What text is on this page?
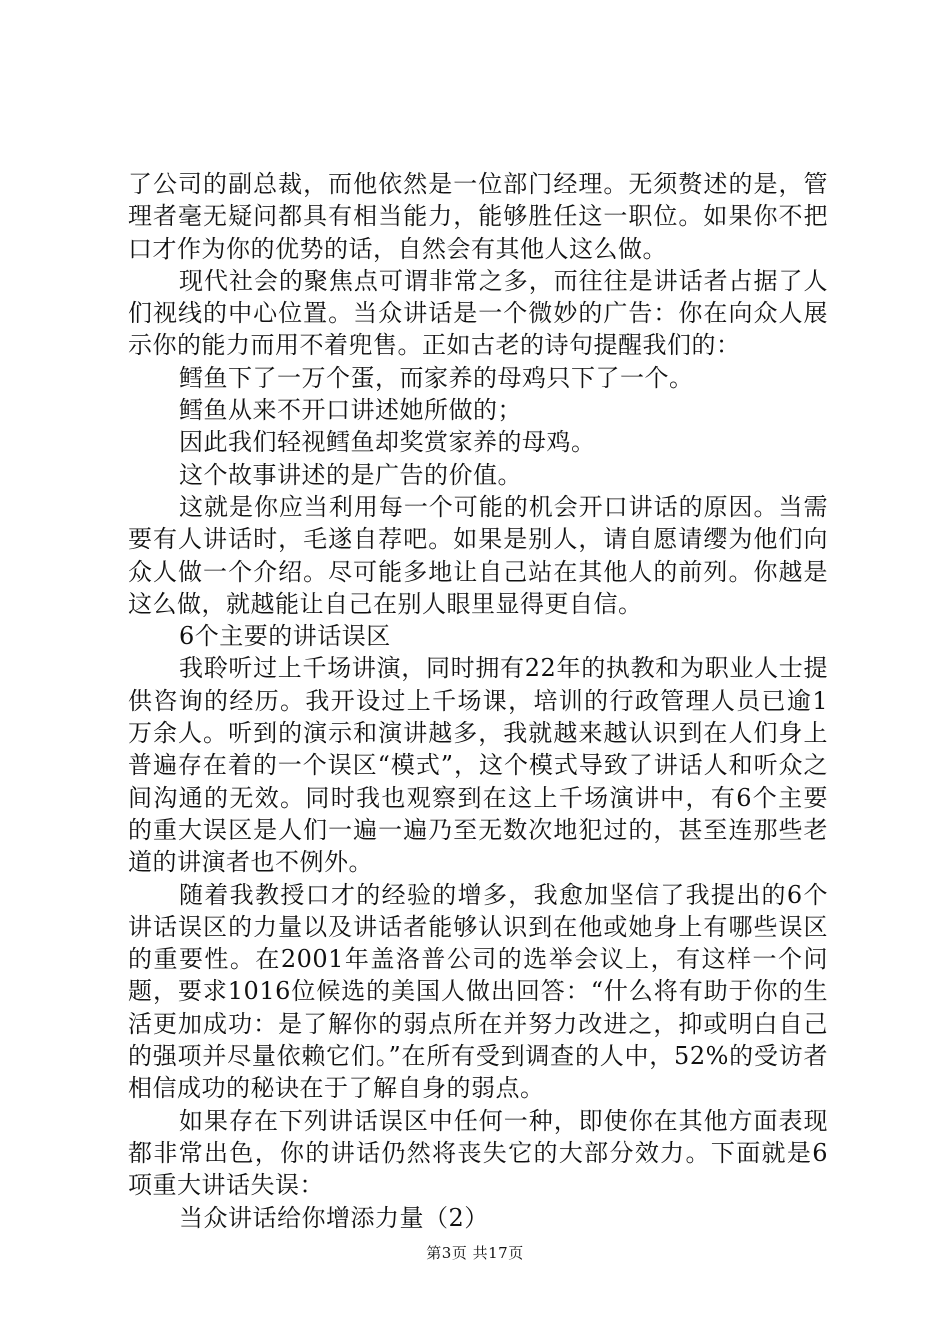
了公司的副总裁，而他依然是一位部门经理。无须赘述的是，管理者毫无疑问都具有相当能力，能够胜任这一职位。如果你不把口才作为你的优势的话，自然会有其他人这么做。

现代社会的聚焦点可谓非常之多，而往往是讲话者占据了人们视线的中心位置。当众讲话是一个微妙的广告：你在向众人展示你的能力而用不着兜售。正如古老的诗句提醒我们的：

鳕鱼下了一万个蛋，而家养的母鸡只下了一个。

鳕鱼从来不开口讲述她所做的；

因此我们轻视鳕鱼却奖赏家养的母鸡。

这个故事讲述的是广告的价值。

这就是你应当利用每一个可能的机会开口讲话的原因。当需要有人讲话时，毛遂自荐吧。如果是别人，请自愿请缨为他们向众人做一个介绍。尽可能多地让自己站在其他人的前列。你越是这么做，就越能让自己在别人眼里显得更自信。

6个主要的讲话误区

我聆听过上千场讲演，同时拥有22年的执教和为职业人士提供咨询的经历。我开设过上千场课，培训的行政管理人员已逾1万余人。听到的演示和演讲越多，我就越来越认识到在人们身上普遍存在着的一个误区“模式”，这个模式导致了讲话人和听众之间沟通的无效。同时我也观察到在这上千场演讲中，有6个主要的重大误区是人们一遍一遍乃至无数次地犯过的，甚至连那些老道的讲演者也不例外。

随着我教授口才的经验的增多，我愈加坚信了我提出的6个讲话误区的力量以及讲话者能够认识到在他或她身上有哪些误区的重要性。在2001年盖洛普公司的选举会议上，有这样一个问题，要求1016位候选的美国人做出回答：“什么将有助于你的生活更加成功：是了解你的弱点所在并努力改进之，抑或明白自己的强项并尽量依赖它们。”在所有受到调查的人中，52%的受访者相信成功的秘诀在于了解自身的弱点。

如果存在下列讲话误区中任何一种，即使你在其他方面表现都非常出色，你的讲话仍然将丧失它的大部分效力。下面就是6项重大讲话失误：

当众讲话给你增添力量（2）

第3页 共17页
